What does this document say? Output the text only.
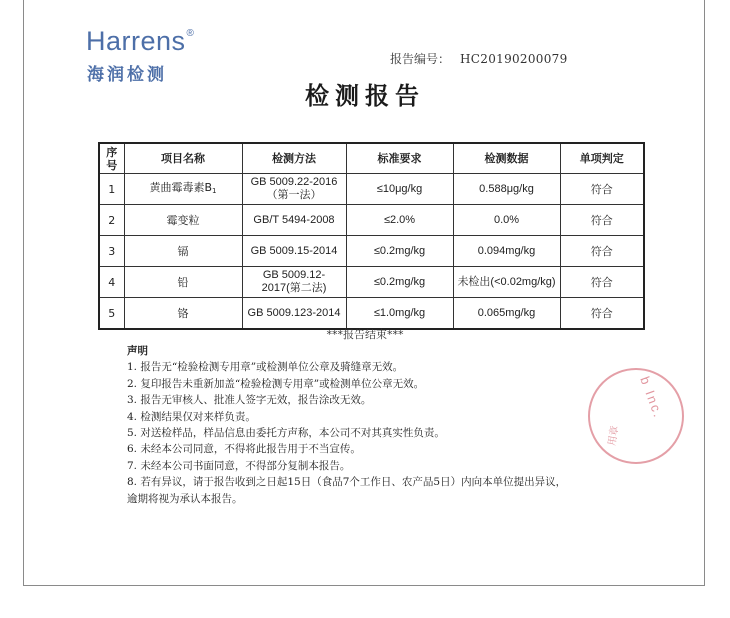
Harrens®
海润检测
报告编号： HC20190200079
检测报告
序号	项目名称	检测方法	标准要求	检测数据	单项判定
1	黄曲霉毒素$B_1$	GB 5009.22-2016（第一法）	≤10μg/kg	0.588μg/kg	符合
2	霉变粒	GB/T 5494-2008	≤2.0%	0.0%	符合
3	镉	GB 5009.15-2014	≤0.2mg/kg	0.094mg/kg	符合
4	铅	GB 5009.12-2017(第二法)	≤0.2mg/kg	未检出(<0.02mg/kg)	符合
5	铬	GB 5009.123-2014	≤1.0mg/kg	0.065mg/kg	符合
***报告结束***
声明
1. 报告无“检验检测专用章”或检测单位公章及骑缝章无效。
2. 复印报告未重新加盖“检验检测专用章”或检测单位公章无效。
3. 报告无审核人、批准人签字无效，报告涂改无效。
4. 检测结果仅对来样负责。
5. 对送检样品，样品信息由委托方声称，本公司不对其真实性负责。
6. 未经本公司同意，不得将此报告用于不当宣传。
7. 未经本公司书面同意，不得部分复制本报告。
8. 若有异议，请于报告收到之日起15日（食品7个工作日、农产品5日）内向本单位提出异议，
逾期将视为承认本报告。
b Inc.
用章
